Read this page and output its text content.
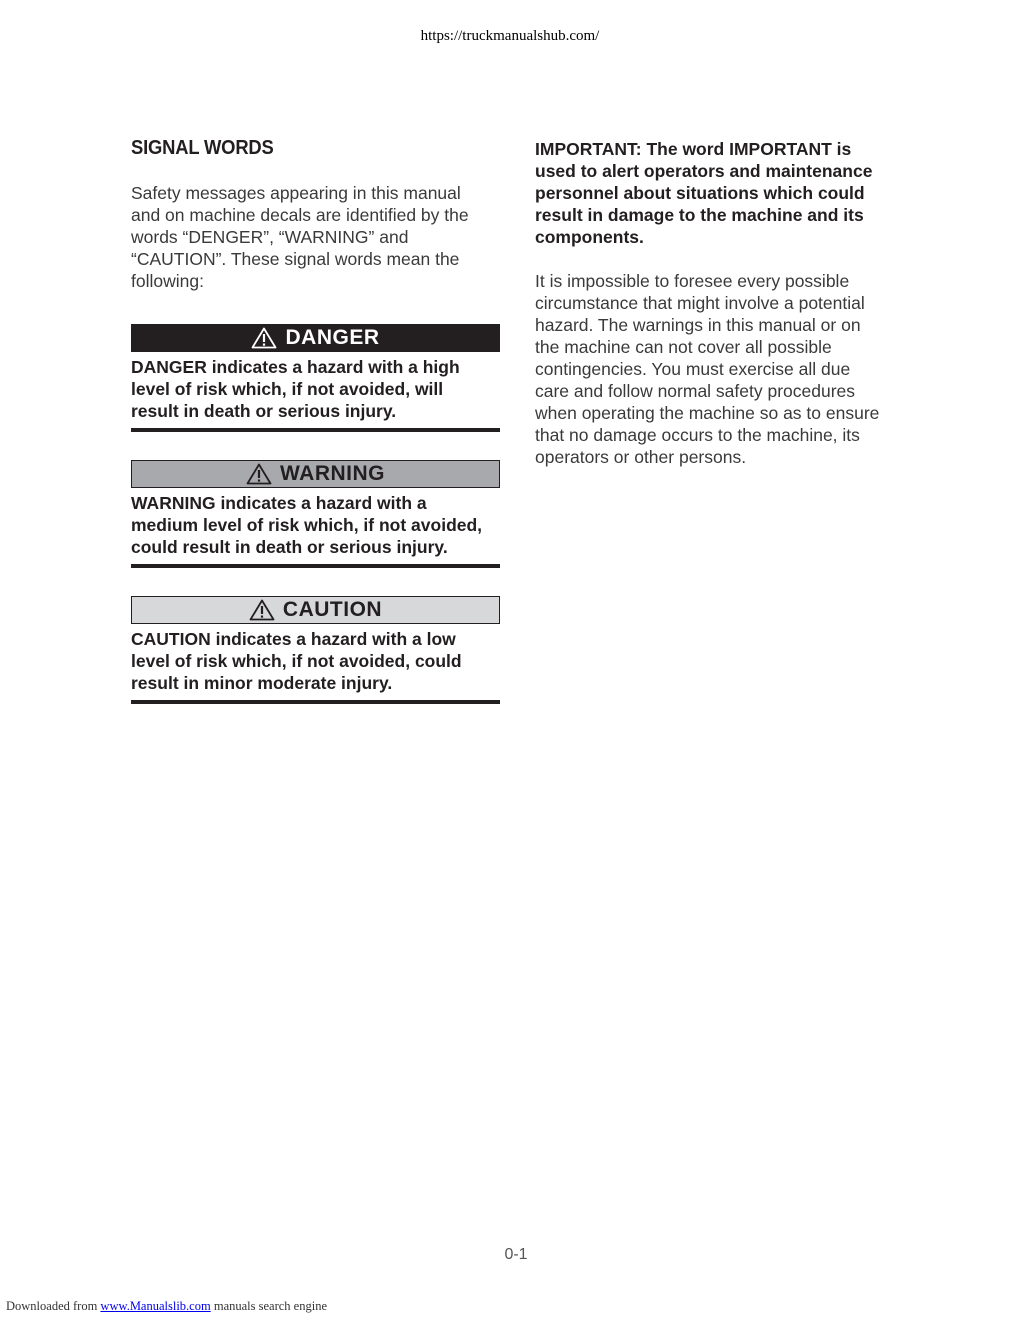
https://truckmanualshub.com/
SIGNAL WORDS

Safety messages appearing in this manual
and on machine decals are identified by the
words “DENGER”, “WARNING” and
“CAUTION”. These signal words mean the
following:

DANGER

DANGER indicates a hazard with a high
level of risk which, if not avoided, will
result in death or serious injury.

WARNING

WARNING indicates a hazard with a
medium level of risk which, if not avoided,
could result in death or serious injury.

CAUTION

CAUTION indicates a hazard with a low
level of risk which, if not avoided, could
result in minor moderate injury.

IMPORTANT: The word IMPORTANT is
used to alert operators and maintenance
personnel about situations which could
result in damage to the machine and its
components.

It is impossible to foresee every possible
circumstance that might involve a potential
hazard. The warnings in this manual or on
the machine can not cover all possible
contingencies. You must exercise all due
care and follow normal safety procedures
when operating the machine so as to ensure
that no damage occurs to the machine, its
operators or other persons.

0-1
Downloaded from www.Manualslib.com manuals search engine
